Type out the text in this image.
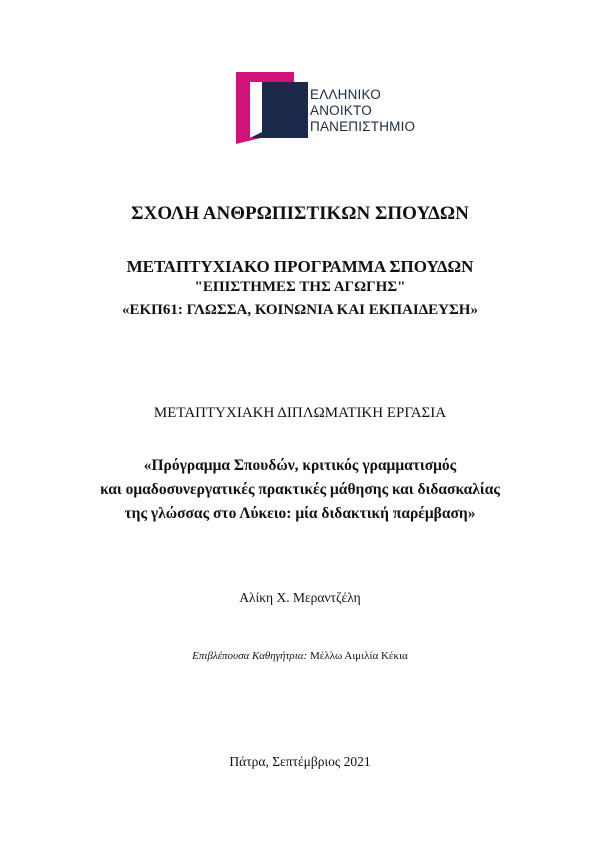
ΕΛΛΗΝΙΚΟ
ΑΝΟΙΚΤΟ
ΠΑΝΕΠΙΣΤΗΜΙΟ
ΣΧΟΛΗ ΑΝΘΡΩΠΙΣΤΙΚΩΝ ΣΠΟΥΔΩΝ
ΜΕΤΑΠΤΥΧΙΑΚΟ ΠΡΟΓΡΑΜΜΑ ΣΠΟΥΔΩΝ
"ΕΠΙΣΤΗΜΕΣ ΤΗΣ ΑΓΩΓΗΣ"
«ΕΚΠ61: ΓΛΩΣΣΑ, ΚΟΙΝΩΝΙΑ ΚΑΙ ΕΚΠΑΙΔΕΥΣΗ»
ΜΕΤΑΠΤΥΧΙΑΚΗ ΔΙΠΛΩΜΑΤΙΚΗ ΕΡΓΑΣΙΑ
«Πρόγραμμα Σπουδών, κριτικός γραμματισμός
και ομαδοσυνεργατικές πρακτικές μάθησης και διδασκαλίας
της γλώσσας στο Λύκειο: μία διδακτική παρέμβαση»
Αλίκη Χ. Μεραντζέλη
Επιβλέπουσα Καθηγήτρια: Μέλλω Αιμιλία Κέκια
Πάτρα, Σεπτέμβριος 2021
